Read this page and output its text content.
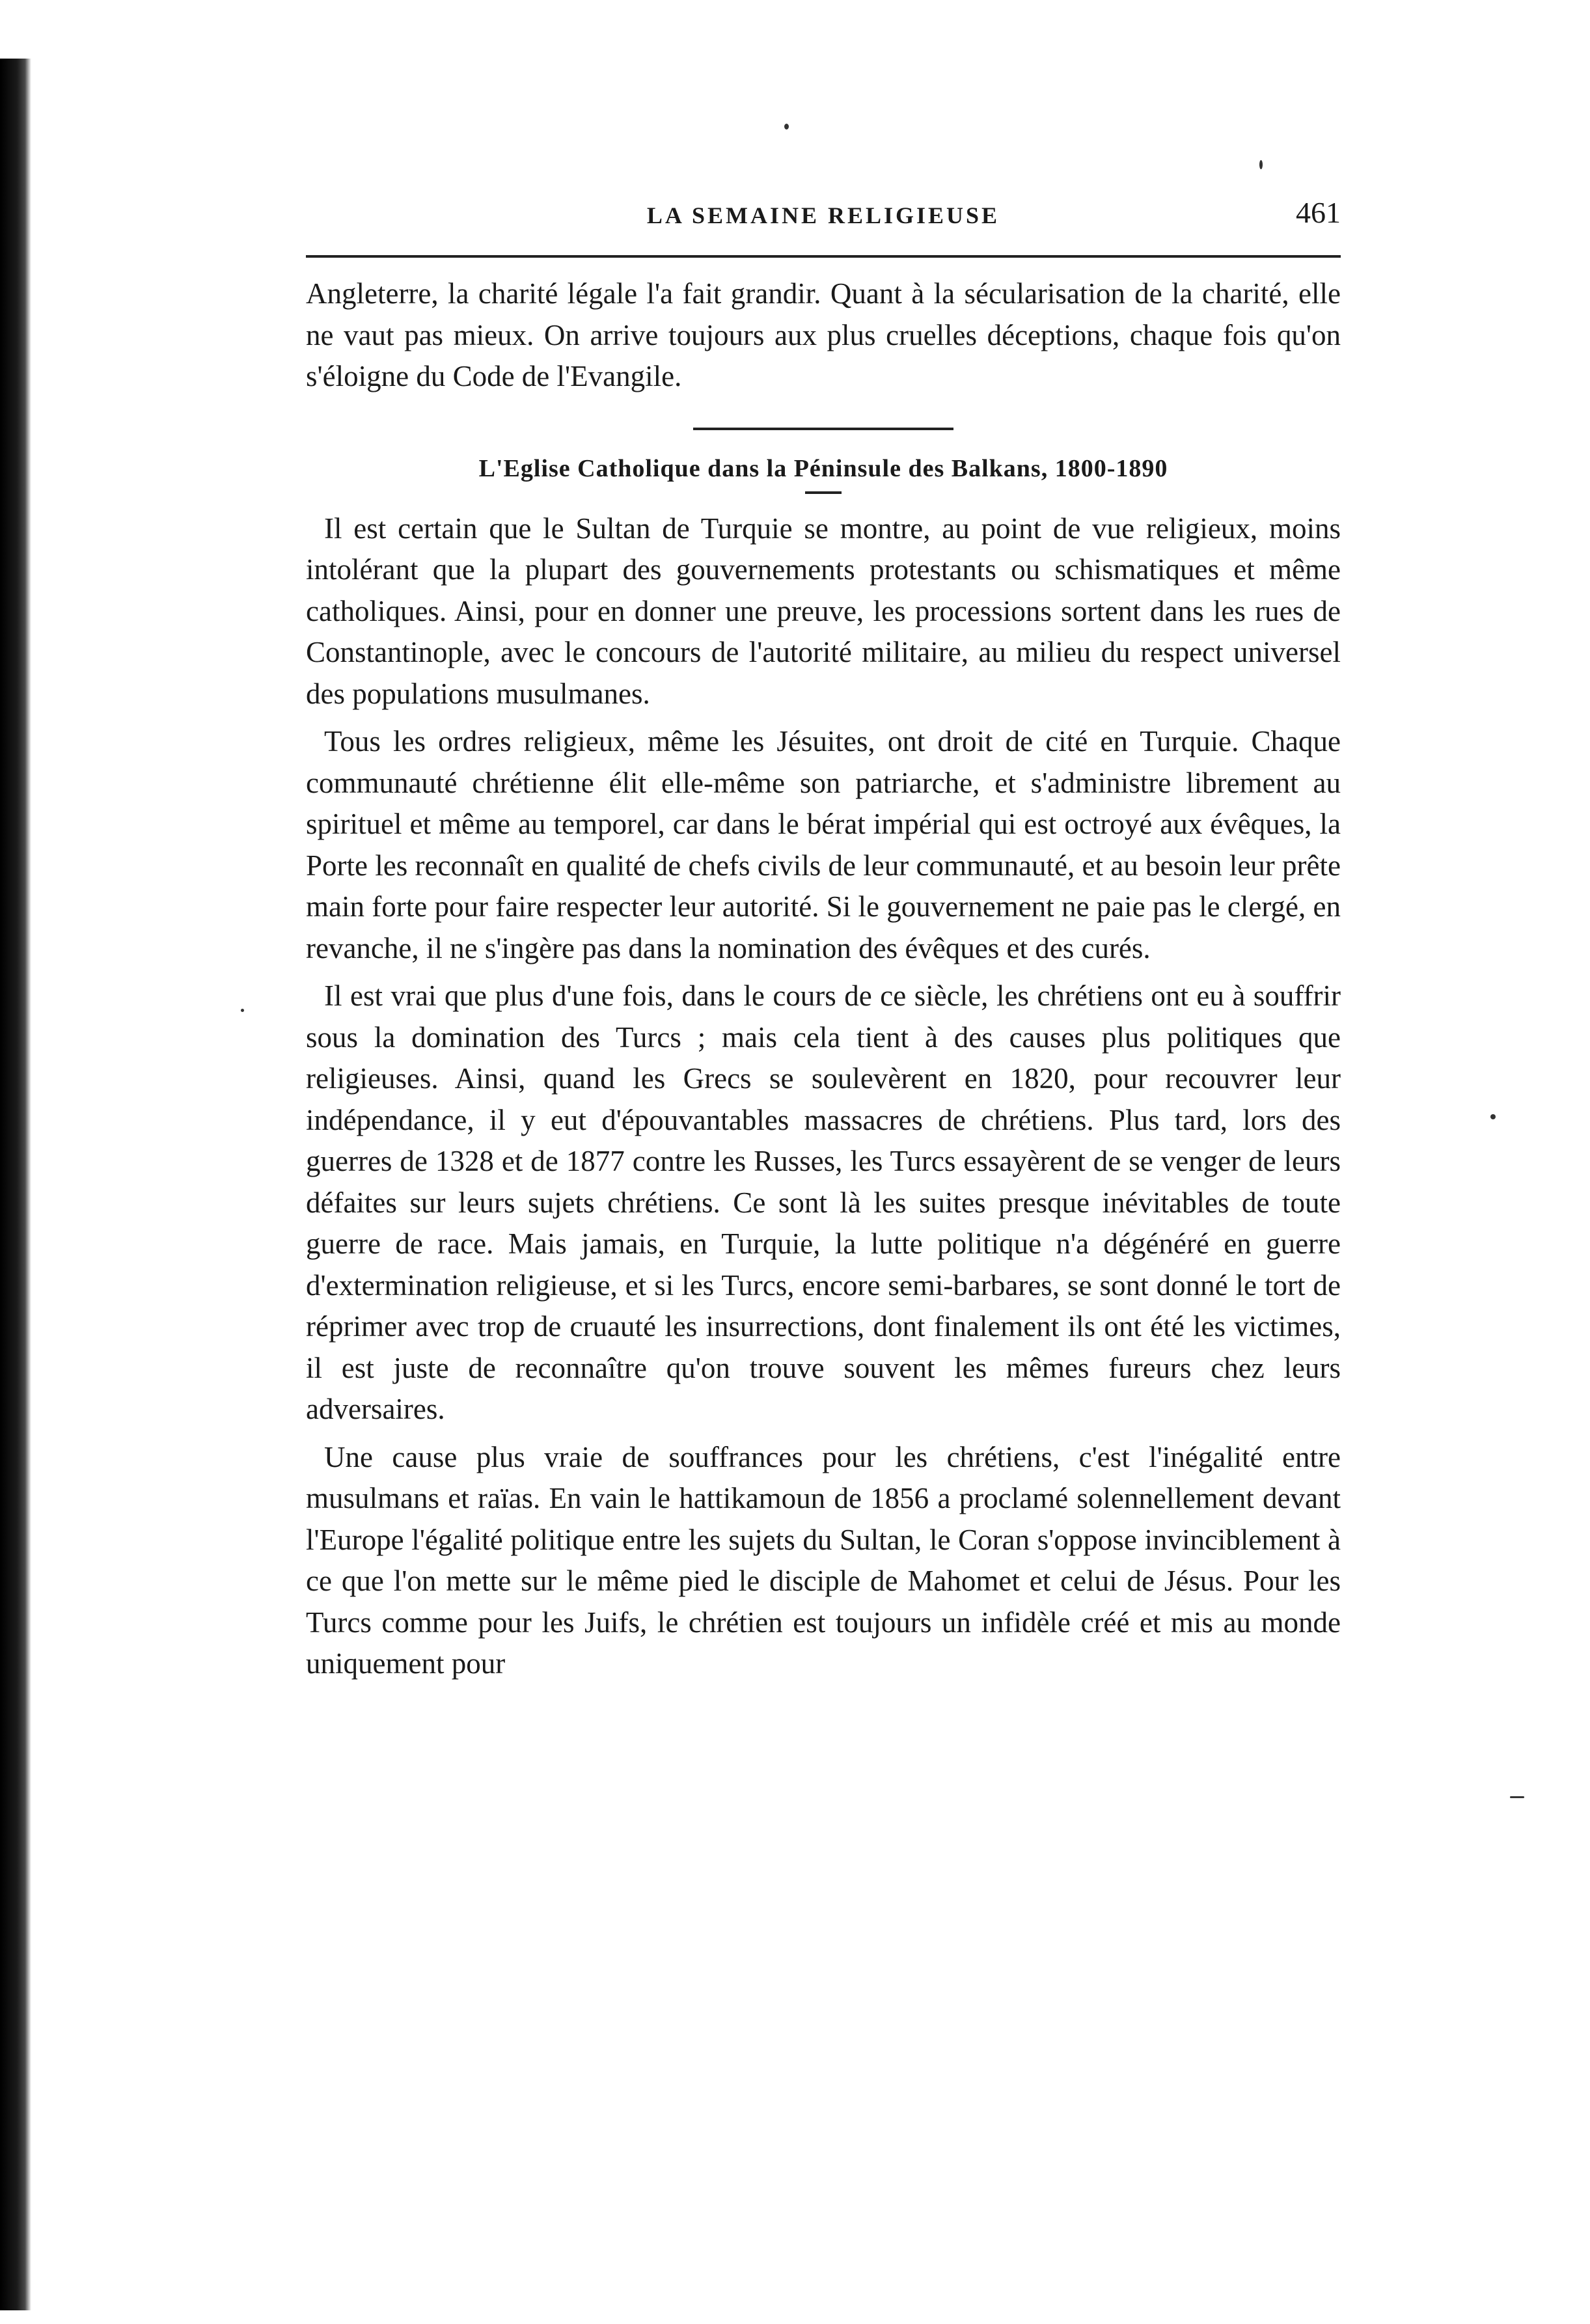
LA SEMAINE RELIGIEUSE	461

Angleterre, la charité légale l'a fait grandir. Quant à la sécularisation de la charité, elle ne vaut pas mieux. On arrive toujours aux plus cruelles déceptions, chaque fois qu'on s'éloigne du Code de l'Evangile.

L'Eglise Catholique dans la Péninsule des Balkans, 1800-1890

Il est certain que le Sultan de Turquie se montre, au point de vue religieux, moins intolérant que la plupart des gouvernements protestants ou schismatiques et même catholiques. Ainsi, pour en donner une preuve, les processions sortent dans les rues de Constantinople, avec le concours de l'autorité militaire, au milieu du respect universel des populations musulmanes.

Tous les ordres religieux, même les Jésuites, ont droit de cité en Turquie. Chaque communauté chrétienne élit elle-même son patriarche, et s'administre librement au spirituel et même au temporel, car dans le bérat impérial qui est octroyé aux évêques, la Porte les reconnaît en qualité de chefs civils de leur communauté, et au besoin leur prête main forte pour faire respecter leur autorité. Si le gouvernement ne paie pas le clergé, en revanche, il ne s'ingère pas dans la nomination des évêques et des curés.

Il est vrai que plus d'une fois, dans le cours de ce siècle, les chrétiens ont eu à souffrir sous la domination des Turcs ; mais cela tient à des causes plus politiques que religieuses. Ainsi, quand les Grecs se soulevèrent en 1820, pour recouvrer leur indépendance, il y eut d'épouvantables massacres de chrétiens. Plus tard, lors des guerres de 1328 et de 1877 contre les Russes, les Turcs essayèrent de se venger de leurs défaites sur leurs sujets chrétiens. Ce sont là les suites presque inévitables de toute guerre de race. Mais jamais, en Turquie, la lutte politique n'a dégénéré en guerre d'extermination religieuse, et si les Turcs, encore semi-barbares, se sont donné le tort de réprimer avec trop de cruauté les insurrections, dont finalement ils ont été les victimes, il est juste de reconnaître qu'on trouve souvent les mêmes fureurs chez leurs adversaires.

Une cause plus vraie de souffrances pour les chrétiens, c'est l'inégalité entre musulmans et raïas. En vain le hattikamoun de 1856 a proclamé solennellement devant l'Europe l'égalité politique entre les sujets du Sultan, le Coran s'oppose invinciblement à ce que l'on mette sur le même pied le disciple de Mahomet et celui de Jésus. Pour les Turcs comme pour les Juifs, le chrétien est toujours un infidèle créé et mis au monde uniquement pour
